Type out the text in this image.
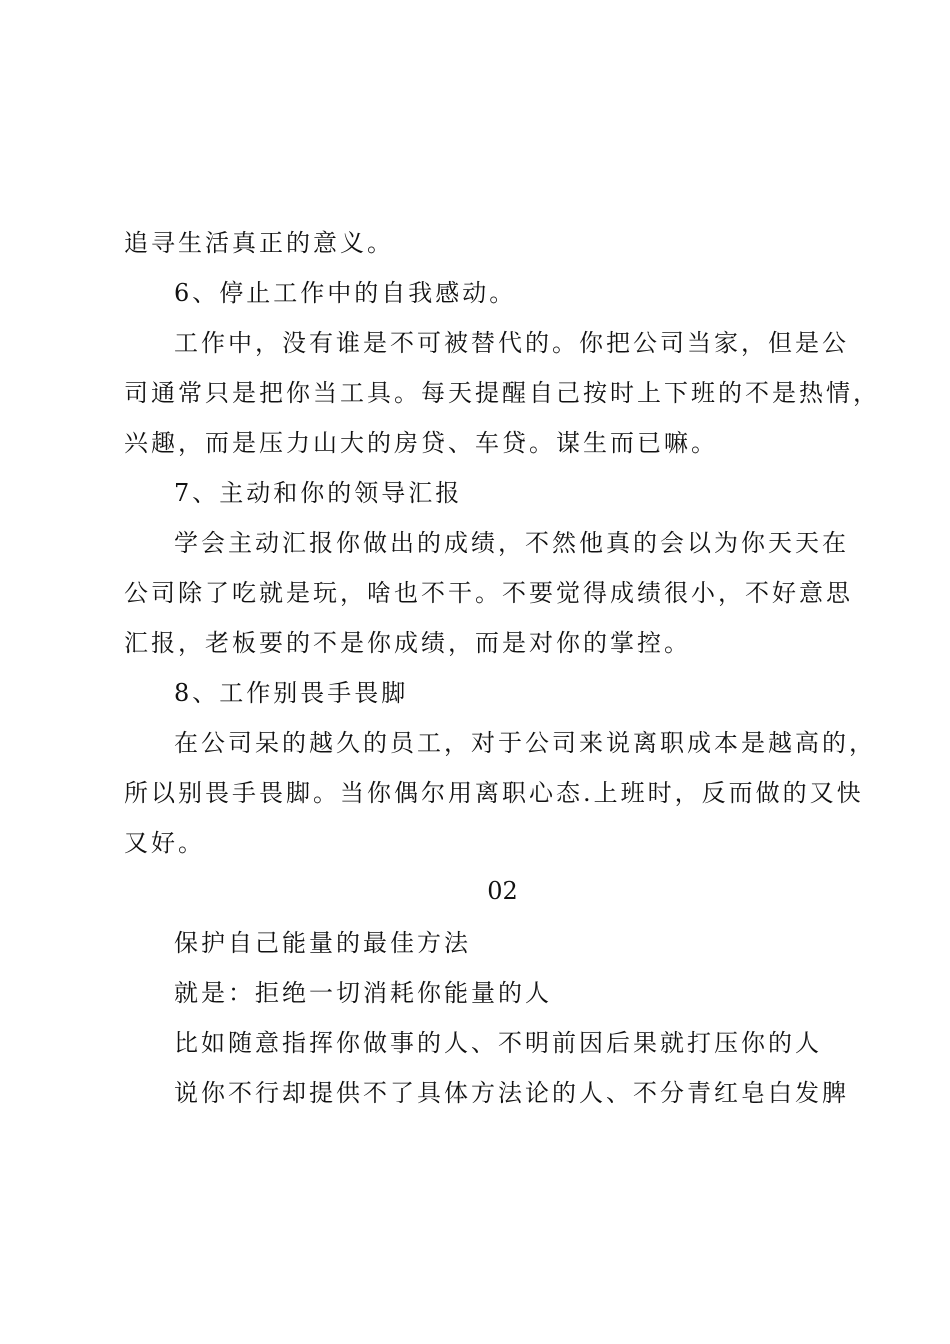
追寻生活真正的意义。
6、停止工作中的自我感动。
工作中，没有谁是不可被替代的。你把公司当家，但是公
司通常只是把你当工具。每天提醒自己按时上下班的不是热情，
兴趣，而是压力山大的房贷、车贷。谋生而已嘛。
7、主动和你的领导汇报
学会主动汇报你做出的成绩，不然他真的会以为你天天在
公司除了吃就是玩，啥也不干。不要觉得成绩很小，不好意思
汇报，老板要的不是你成绩，而是对你的掌控。
8、工作别畏手畏脚
在公司呆的越久的员工，对于公司来说离职成本是越高的，
所以别畏手畏脚。当你偶尔用离职心态.上班时，反而做的又快
又好。
02
保护自己能量的最佳方法
就是：拒绝一切消耗你能量的人
比如随意指挥你做事的人、不明前因后果就打压你的人
说你不行却提供不了具体方法论的人、不分青红皂白发脾
